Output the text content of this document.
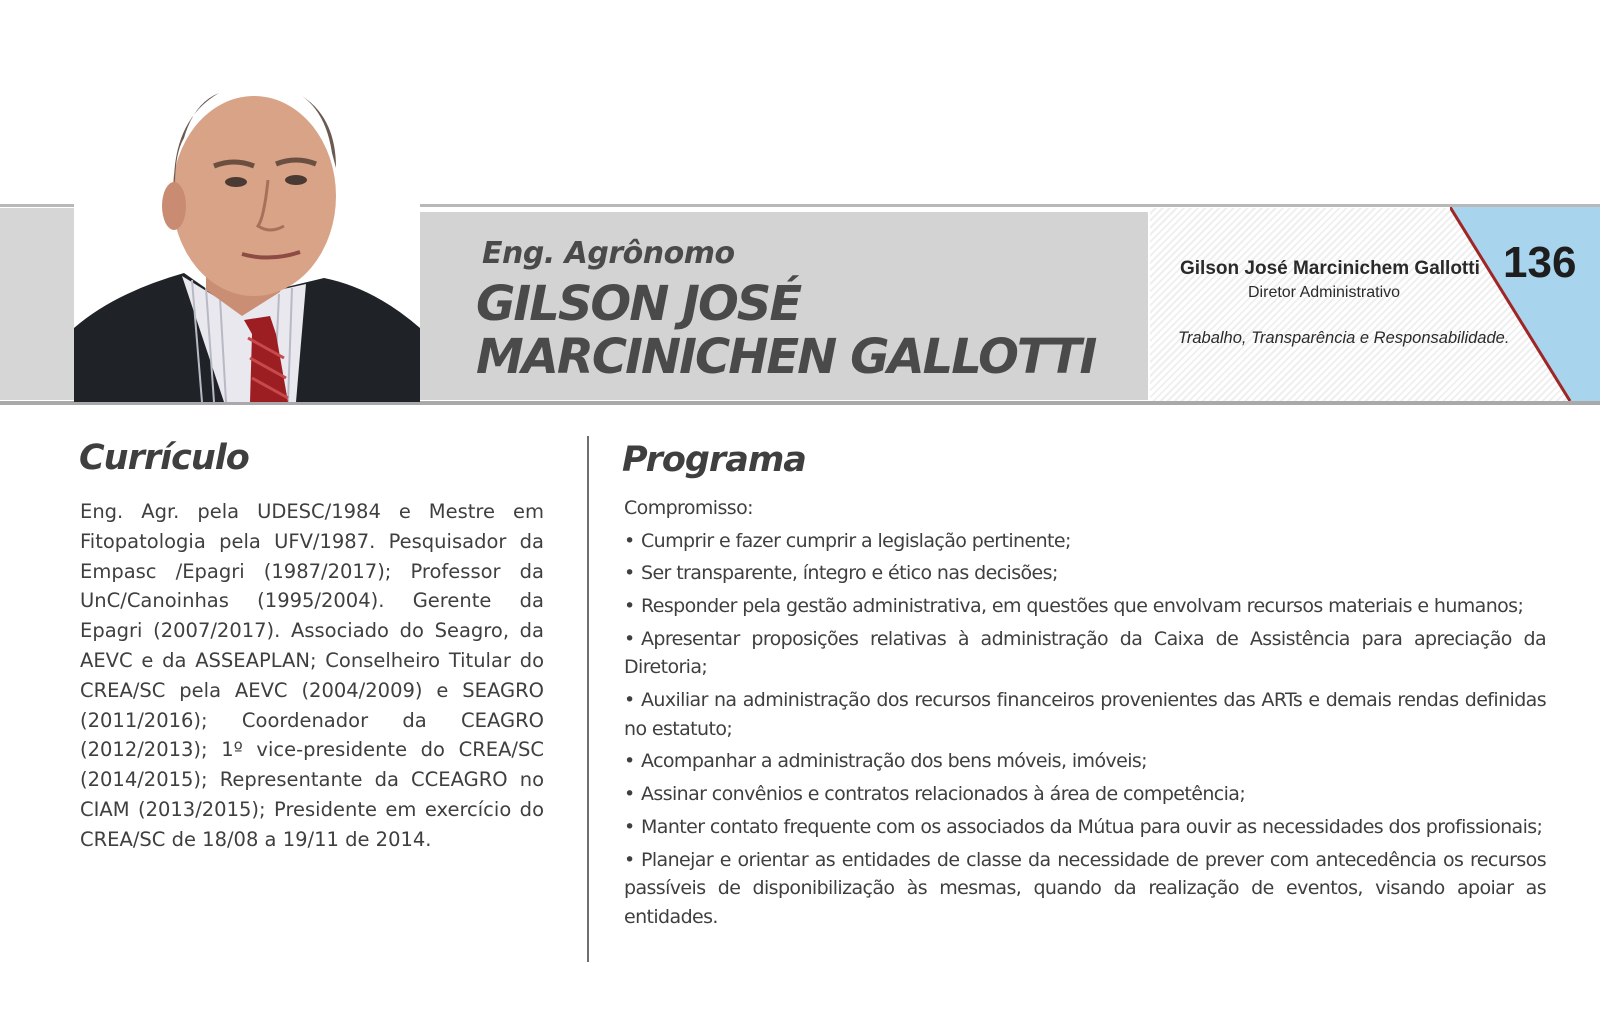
Eng. Agrônomo
GILSON JOSÉ
MARCINICHEN GALLOTTI
Gilson José Marcinichem Gallotti
Diretor Administrativo
Trabalho, Transparência e Responsabilidade.
136
Currículo
Eng. Agr. pela UDESC/1984 e Mestre em Fitopatologia pela UFV/1987. Pesquisador da Empasc /Epagri (1987/2017); Professor da UnC/Canoinhas (1995/2004). Gerente da Epagri (2007/2017). Associado do Seagro, da AEVC e da ASSEAPLAN; Conselheiro Titular do CREA/SC pela AEVC (2004/2009) e SEAGRO (2011/2016); Coordenador da CEAGRO (2012/2013); 1º vice-presidente do CREA/SC (2014/2015); Representante da CCEAGRO no CIAM (2013/2015); Presidente em exercício do CREA/SC de 18/08 a 19/11 de 2014.
Programa
Compromisso:
• Cumprir e fazer cumprir a legislação pertinente;
• Ser transparente, íntegro e ético nas decisões;
• Responder pela gestão administrativa, em questões que envolvam recursos materiais e humanos;
• Apresentar proposições relativas à administração da Caixa de Assistência para apreciação da Diretoria;
• Auxiliar na administração dos recursos financeiros provenientes das ARTs e demais rendas definidas no estatuto;
• Acompanhar a administração dos bens móveis, imóveis;
• Assinar convênios e contratos relacionados à área de competência;
• Manter contato frequente com os associados da Mútua para ouvir as necessidades dos profissionais;
• Planejar e orientar as entidades de classe da necessidade de prever com antecedência os recursos passíveis de disponibilização às mesmas, quando da realização de eventos, visando apoiar as entidades.
